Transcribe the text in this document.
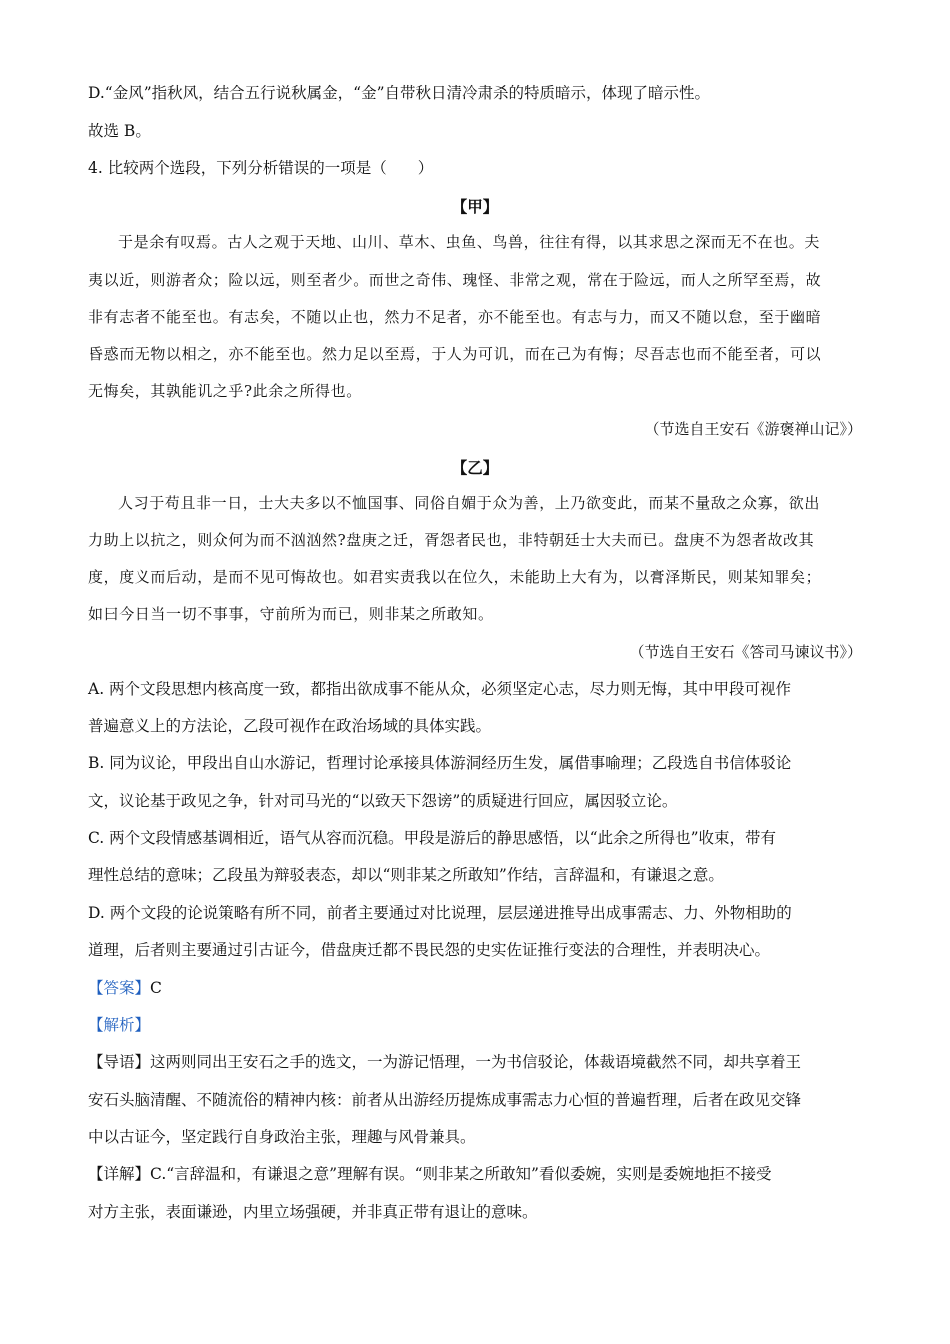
D.“金风”指秋风，结合五行说秋属金，“金”自带秋日清冷肃杀的特质暗示，体现了暗示性。
故选 B。
4. 比较两个选段，下列分析错误的一项是（　　）
【甲】
于是余有叹焉。古人之观于天地、山川、草木、虫鱼、鸟兽，往往有得，以其求思之深而无不在也。夫
夷以近，则游者众；险以远，则至者少。而世之奇伟、瑰怪、非常之观，常在于险远，而人之所罕至焉，故
非有志者不能至也。有志矣，不随以止也，然力不足者，亦不能至也。有志与力，而又不随以怠，至于幽暗
昏惑而无物以相之，亦不能至也。然力足以至焉，于人为可讥，而在己为有悔；尽吾志也而不能至者，可以
无悔矣，其孰能讥之乎?此余之所得也。
（节选自王安石《游褒禅山记》）
【乙】
人习于苟且非一日，士大夫多以不恤国事、同俗自媚于众为善，上乃欲变此，而某不量敌之众寡，欲出
力助上以抗之，则众何为而不汹汹然?盘庚之迁，胥怨者民也，非特朝廷士大夫而已。盘庚不为怨者故改其
度，度义而后动，是而不见可悔故也。如君实责我以在位久，未能助上大有为，以膏泽斯民，则某知罪矣；
如曰今日当一切不事事，守前所为而已，则非某之所敢知。
（节选自王安石《答司马谏议书》）
A. 两个文段思想内核高度一致，都指出欲成事不能从众，必须坚定心志，尽力则无悔，其中甲段可视作
普遍意义上的方法论，乙段可视作在政治场域的具体实践。
B. 同为议论，甲段出自山水游记，哲理讨论承接具体游洞经历生发，属借事喻理；乙段选自书信体驳论
文，议论基于政见之争，针对司马光的“以致天下怨谤”的质疑进行回应，属因驳立论。
C. 两个文段情感基调相近，语气从容而沉稳。甲段是游后的静思感悟，以“此余之所得也”收束，带有
理性总结的意味；乙段虽为辩驳表态，却以“则非某之所敢知”作结，言辞温和，有谦退之意。
D. 两个文段的论说策略有所不同，前者主要通过对比说理，层层递进推导出成事需志、力、外物相助的
道理，后者则主要通过引古证今，借盘庚迁都不畏民怨的史实佐证推行变法的合理性，并表明决心。
【答案】C
【解析】
【导语】这两则同出王安石之手的选文，一为游记悟理，一为书信驳论，体裁语境截然不同，却共享着王
安石头脑清醒、不随流俗的精神内核：前者从出游经历提炼成事需志力心恒的普遍哲理，后者在政见交锋
中以古证今，坚定践行自身政治主张，理趣与风骨兼具。
【详解】C.“言辞温和，有谦退之意”理解有误。“则非某之所敢知”看似委婉，实则是委婉地拒不接受
对方主张，表面谦逊，内里立场强硬，并非真正带有退让的意味。
